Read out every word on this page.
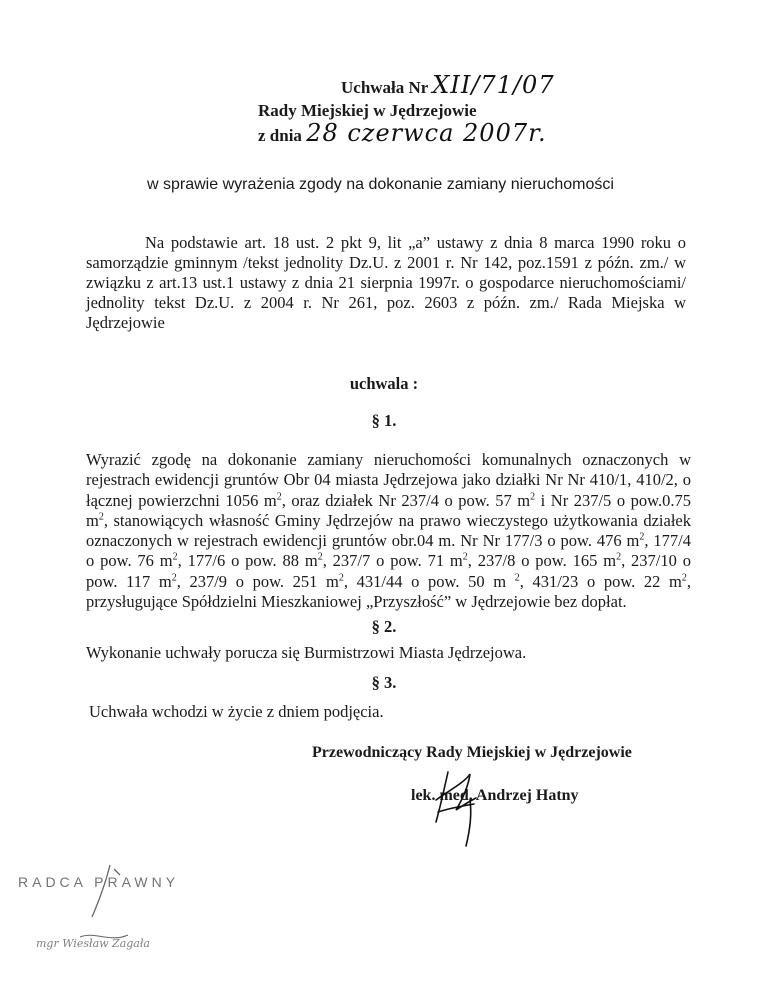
Uchwała Nr XII/71/07
Rady Miejskiej w Jędrzejowie
z dnia 28 czerwca 2007r.
w sprawie wyrażenia zgody na dokonanie zamiany nieruchomości

Na podstawie art. 18 ust. 2 pkt 9, lit „a” ustawy z dnia 8 marca 1990 roku o samorządzie gminnym /tekst jednolity Dz.U. z 2001 r. Nr 142, poz.1591 z późn. zm./ w związku z art.13 ust.1 ustawy z dnia 21 sierpnia 1997r. o gospodarce nieruchomościami/ jednolity tekst Dz.U. z 2004 r. Nr 261, poz. 2603 z późn. zm./ Rada Miejska w Jędrzejowie

uchwala :
§ 1.
Wyrazić zgodę na dokonanie zamiany nieruchomości komunalnych oznaczonych w rejestrach ewidencji gruntów Obr 04 miasta Jędrzejowa jako działki Nr Nr 410/1, 410/2, o łącznej powierzchni 1056 $m^2$, oraz działek Nr 237/4 o pow. 57 $m^2$ i Nr 237/5 o pow.0.75 $m^2$, stanowiących własność Gminy Jędrzejów na prawo wieczystego użytkowania działek oznaczonych w rejestrach ewidencji gruntów obr.04 m. Nr Nr 177/3 o pow. 476 $m^2$, 177/4 o pow. 76 $m^2$, 177/6 o pow. 88 $m^2$, 237/7 o pow. 71 $m^2$, 237/8 o pow. 165 $m^2$, 237/10 o pow. 117 $m^2$, 237/9 o pow. 251 $m^2$, 431/44 o pow. 50 m $^2$, 431/23 o pow. 22 $m^2$, przysługujące Spółdzielni Mieszkaniowej „Przyszłość” w Jędrzejowie bez dopłat.
§ 2.
Wykonanie uchwały porucza się Burmistrzowi Miasta Jędrzejowa.
§ 3.
Uchwała wchodzi w życie z dniem podjęcia.
Przewodniczący Rady Miejskiej w Jędrzejowie
lek. med. Andrzej Hatny
RADCA PRAWNY
mgr Wiesław Zagała
